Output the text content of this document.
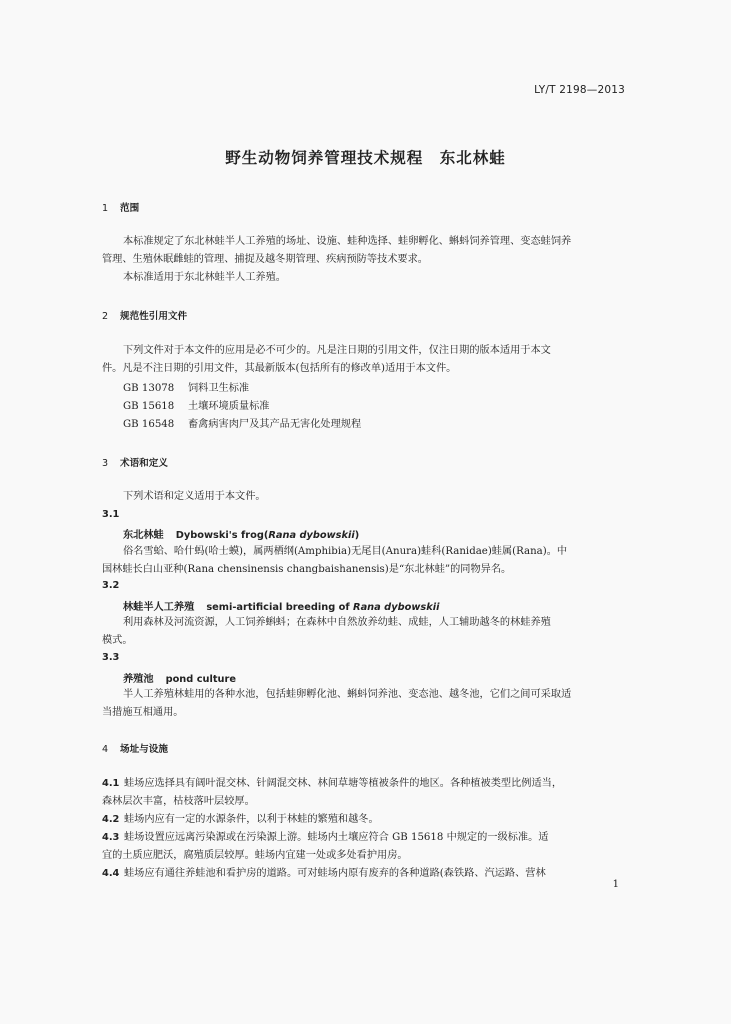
LY/T 2198—2013
野生动物饲养管理技术规程　东北林蛙
1 范围
本标准规定了东北林蛙半人工养殖的场址、设施、蛙种选择、蛙卵孵化、蝌蚪饲养管理、变态蛙饲养
管理、生殖休眠雌蛙的管理、捕捉及越冬期管理、疾病预防等技术要求。
本标准适用于东北林蛙半人工养殖。
2 规范性引用文件
下列文件对于本文件的应用是必不可少的。凡是注日期的引用文件，仅注日期的版本适用于本文
件。凡是不注日期的引用文件，其最新版本(包括所有的修改单)适用于本文件。
GB 13078 饲料卫生标准
GB 15618 土壤环境质量标准
GB 16548 畜禽病害肉尸及其产品无害化处理规程
3 术语和定义
下列术语和定义适用于本文件。
3.1
东北林蛙 Dybowski's frog(Rana dybowskii)
俗名雪蛤、哈什蚂(哈士蟆)，属两栖纲(Amphibia)无尾目(Anura)蛙科(Ranidae)蛙属(Rana)。中
国林蛙长白山亚种(Rana chensinensis changbaishanensis)是“东北林蛙”的同物异名。
3.2
林蛙半人工养殖 semi-artificial breeding of Rana dybowskii
利用森林及河流资源，人工饲养蝌蚪；在森林中自然放养幼蛙、成蛙，人工辅助越冬的林蛙养殖
模式。
3.3
养殖池 pond culture
半人工养殖林蛙用的各种水池，包括蛙卵孵化池、蝌蚪饲养池、变态池、越冬池，它们之间可采取适
当措施互相通用。
4 场址与设施
4.1 蛙场应选择具有阔叶混交林、针阔混交林、林间草塘等植被条件的地区。各种植被类型比例适当，
森林层次丰富，枯枝落叶层较厚。
4.2 蛙场内应有一定的水源条件，以利于林蛙的繁殖和越冬。
4.3 蛙场设置应远离污染源或在污染源上游。蛙场内土壤应符合 GB 15618 中规定的一级标准。适
宜的土质应肥沃，腐殖质层较厚。蛙场内宜建一处或多处看护用房。
4.4 蛙场应有通往养蛙池和看护房的道路。可对蛙场内原有废弃的各种道路(森铁路、汽运路、营林
1
